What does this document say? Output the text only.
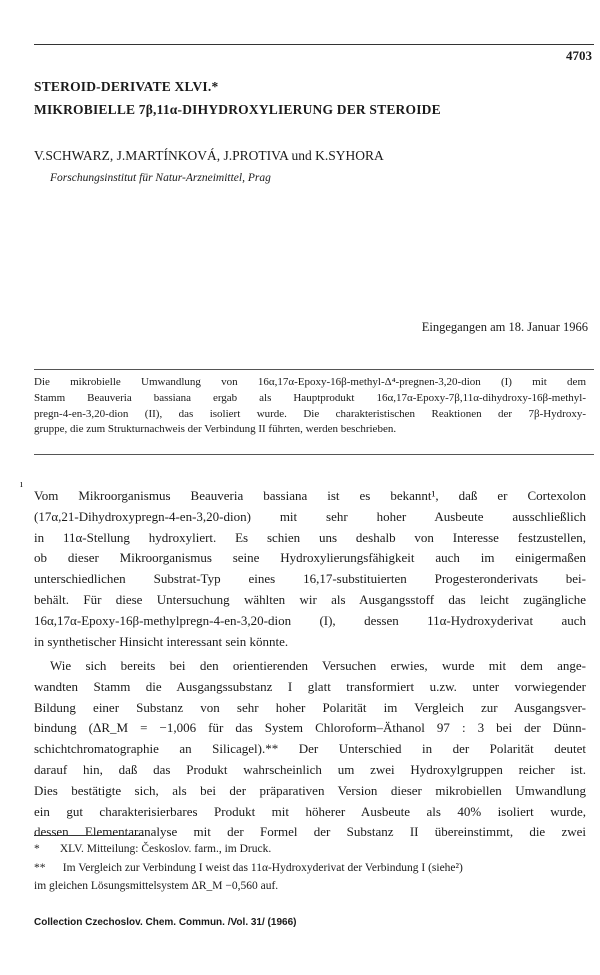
4703
STEROID-DERIVATE XLVI.*
MIKROBIELLE 7β,11α-DIHYDROXYLIERUNG DER STEROIDE
V.SCHWARZ, J.MARTÍNKOVÁ, J.PROTIVA und K.SYHORA
Forschungsinstitut für Natur-Arzneimittel, Prag
Eingegangen am 18. Januar 1966
Die mikrobielle Umwandlung von 16α,17α-Epoxy-16β-methyl-Δ⁴-pregnen-3,20-dion (I) mit dem
Stamm Beauveria bassiana ergab als Hauptprodukt 16α,17α-Epoxy-7β,11α-dihydroxy-16β-methyl-
pregn-4-en-3,20-dion (II), das isoliert wurde. Die charakteristischen Reaktionen der 7β-Hydroxy-
gruppe, die zum Strukturnachweis der Verbindung II führten, werden beschrieben.
ı
Vom Mikroorganismus Beauveria bassiana ist es bekannt¹, daß er Cortexolon
(17α,21-Dihydroxypregn-4-en-3,20-dion) mit sehr hoher Ausbeute ausschließlich
in 11α-Stellung hydroxyliert. Es schien uns deshalb von Interesse festzustellen,
ob dieser Mikroorganismus seine Hydroxylierungsfähigkeit auch im einigermaßen
unterschiedlichen Substrat-Typ eines 16,17-substituierten Progesteronderivats bei-
behält. Für diese Untersuchung wählten wir als Ausgangsstoff das leicht zugängliche
16α,17α-Epoxy-16β-methylpregn-4-en-3,20-dion (I), dessen 11α-Hydroxyderivat auch
in synthetischer Hinsicht interessant sein könnte.
Wie sich bereits bei den orientierenden Versuchen erwies, wurde mit dem ange-
wandten Stamm die Ausgangssubstanz I glatt transformiert u.zw. unter vorwiegender
Bildung einer Substanz von sehr hoher Polarität im Vergleich zur Ausgangsver-
bindung (ΔR_M = −1,006 für das System Chloroform–Äthanol 97 : 3 bei der Dünn-
schichtchromatographie an Silicagel).** Der Unterschied in der Polarität deutet
darauf hin, daß das Produkt wahrscheinlich um zwei Hydroxylgruppen reicher ist.
Dies bestätigte sich, als bei der präparativen Version dieser mikrobiellen Umwandlung
ein gut charakterisierbares Produkt mit höherer Ausbeute als 40% isoliert wurde,
dessen Elementaranalyse mit der Formel der Substanz II übereinstimmt, die zwei
*       XLV. Mitteilung: Českoslov. farm., im Druck.
**      Im Vergleich zur Verbindung I weist das 11α-Hydroxyderivat der Verbindung I (siehe²)
im gleichen Lösungsmittelsystem ΔR_M −0,560 auf.
Collection Czechoslov. Chem. Commun. /Vol. 31/ (1966)
